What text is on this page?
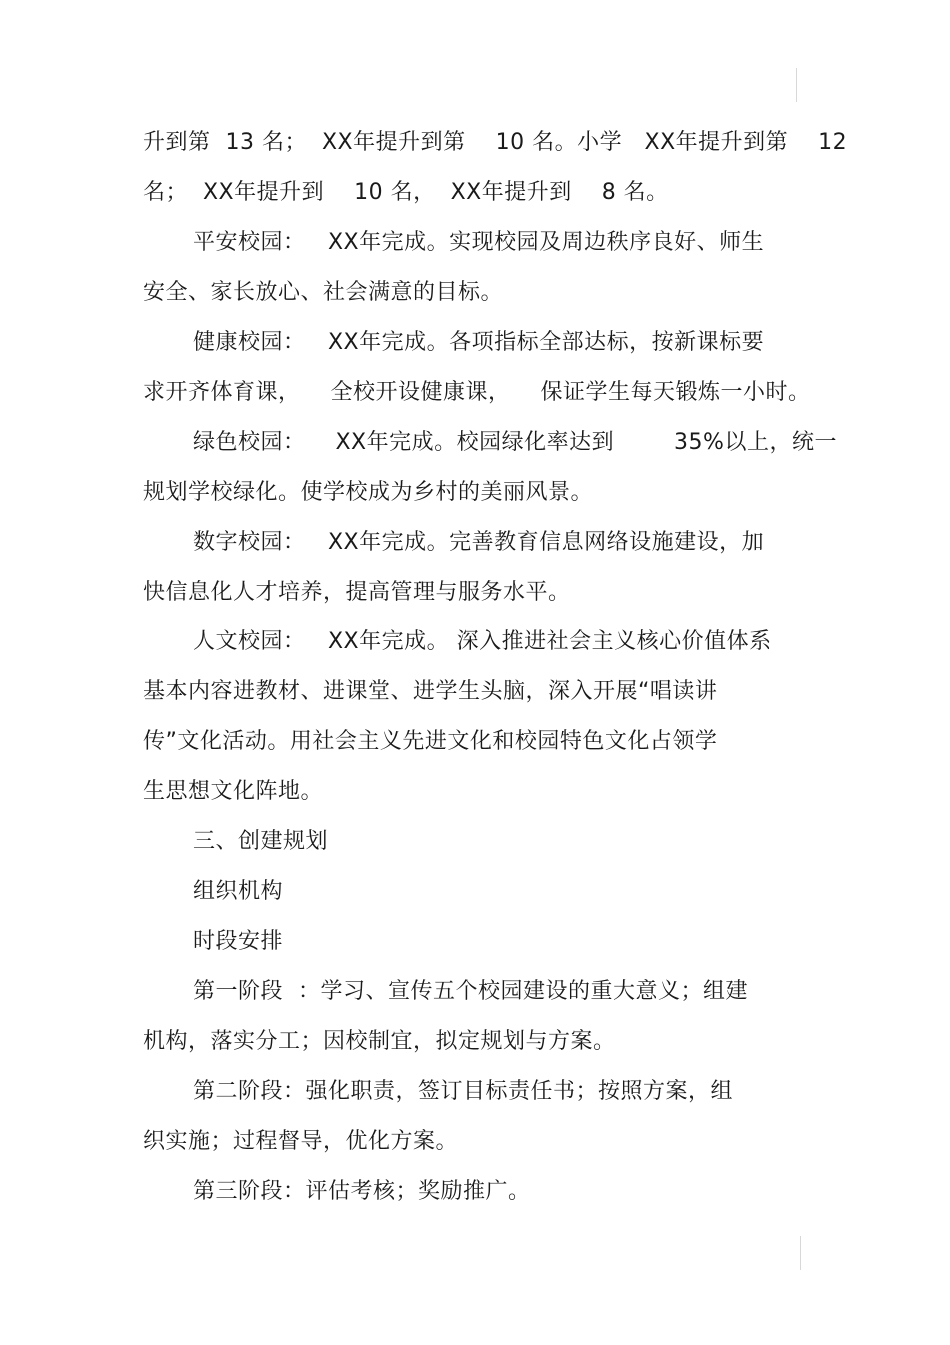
升到第  13 名；  XX年提升到第    10 名。小学   XX年提升到第    12
名；  XX年提升到    10 名，  XX年提升到    8 名。
平安校园：   XX年完成。实现校园及周边秩序良好、师生
安全、家长放心、社会满意的目标。
健康校园：   XX年完成。各项指标全部达标，按新课标要
求开齐体育课，    全校开设健康课，    保证学生每天锻炼一小时。
绿色校园：    XX年完成。校园绿化率达到        35%以上，统一
规划学校绿化。使学校成为乡村的美丽风景。
数字校园：   XX年完成。完善教育信息网络设施建设，加
快信息化人才培养，提高管理与服务水平。
人文校园：   XX年完成。 深入推进社会主义核心价值体系
基本内容进教材、进课堂、进学生头脑，深入开展“唱读讲
传”文化活动。用社会主义先进文化和校园特色文化占领学
生思想文化阵地。
三、创建规划
组织机构
时段安排
第一阶段  ：学习、宣传五个校园建设的重大意义；组建
机构，落实分工；因校制宜，拟定规划与方案。
第二阶段：强化职责，签订目标责任书；按照方案，组
织实施；过程督导，优化方案。
第三阶段：评估考核；奖励推广。
